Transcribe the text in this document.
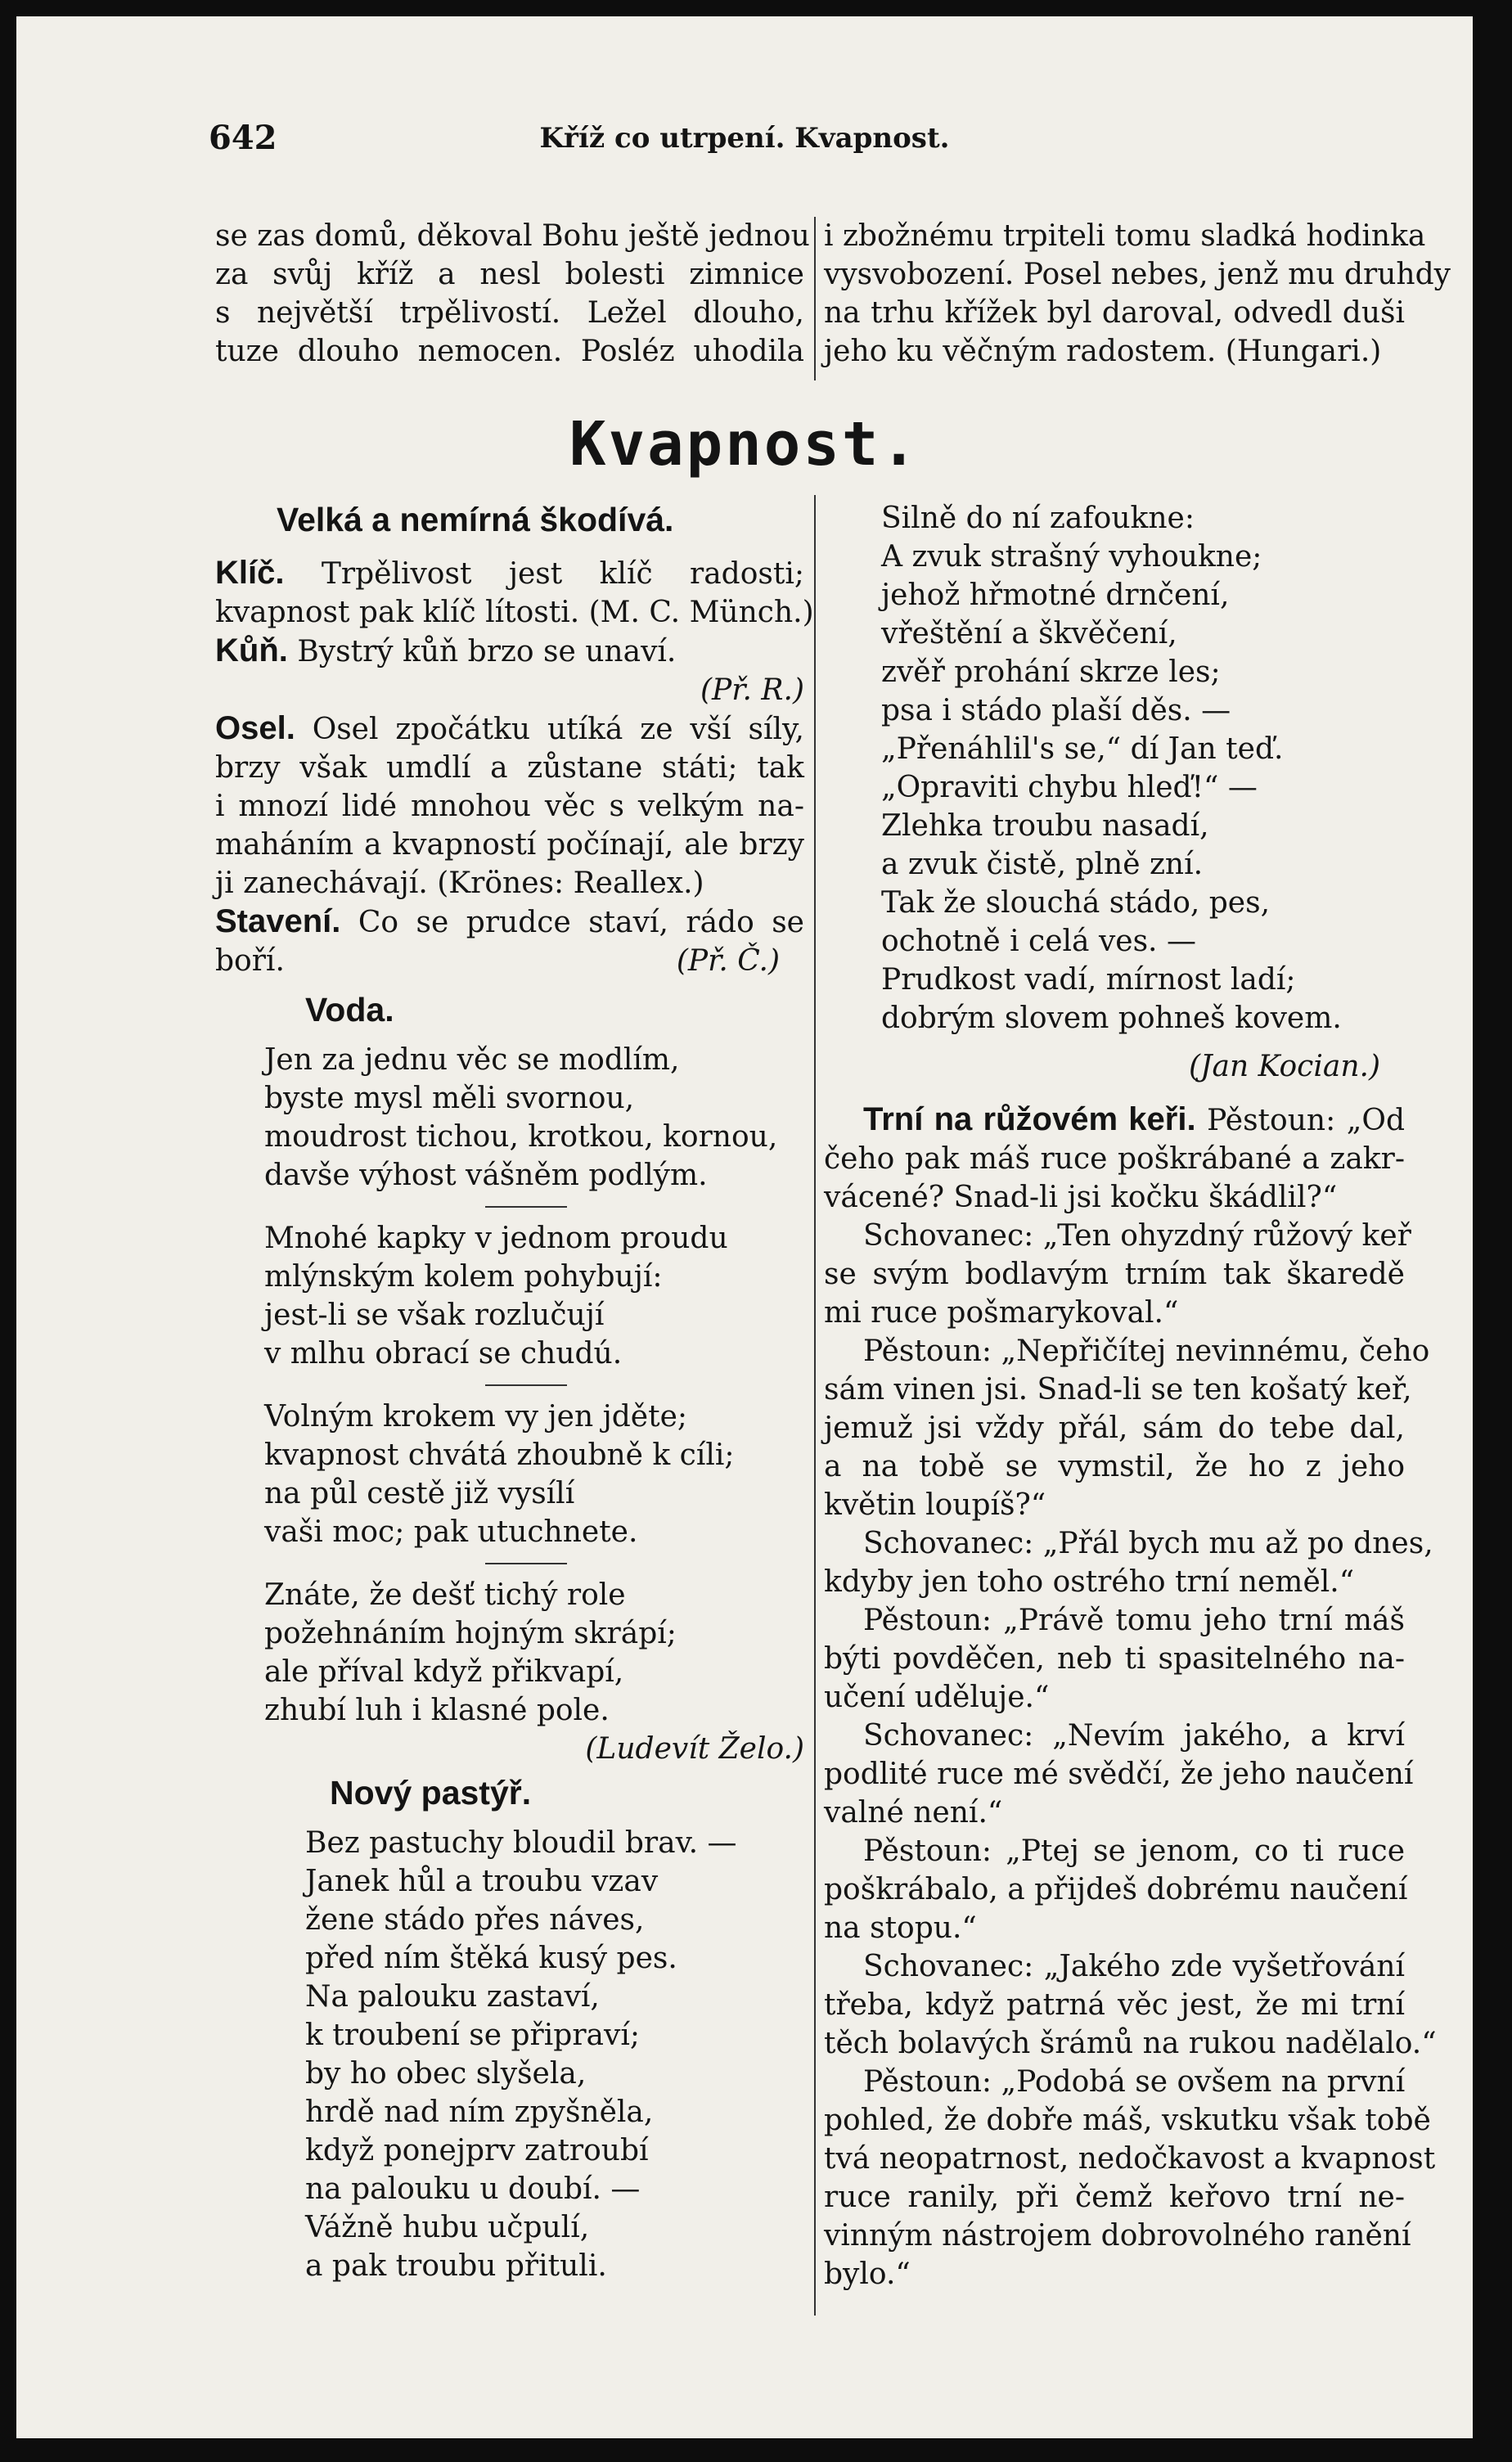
642	Kříž co utrpení. Kvapnost.
se zas domů, děkoval Bohu ještě jednou
za svůj kříž a nesl bolesti zimnice
s největší trpělivostí. Ležel dlouho,
tuze dlouho nemocen. Posléz uhodila
i zbožnému trpiteli tomu sladká hodinka
vysvobození. Posel nebes, jenž mu druhdy
na trhu křížek byl daroval, odvedl duši
jeho ku věčným radostem. (Hungari.)
Kvapnost.
Velká a nemírná škodívá.
Klíč. Trpělivost jest klíč radosti;
kvapnost pak klíč lítosti. (M. C. Münch.)
Kůň. Bystrý kůň brzo se unaví.
(Př. R.)
Osel. Osel zpočátku utíká ze vší síly,
brzy však umdlí a zůstane státi; tak
i mnozí lidé mnohou věc s velkým na-
maháním a kvapností počínají, ale brzy
ji zanechávají. (Krönes: Reallex.)
Stavení. Co se prudce staví, rádo se
boří.	(Př. Č.)
Voda.
Jen za jednu věc se modlím,
byste mysl měli svornou,
moudrost tichou, krotkou, kornou,
davše výhost vášněm podlým.
Mnohé kapky v jednom proudu
mlýnským kolem pohybují:
jest-li se však rozlučují
v mlhu obrací se chudú.
Volným krokem vy jen jděte;
kvapnost chvátá zhoubně k cíli;
na půl cestě již vysílí
vaši moc; pak utuchnete.
Znáte, že dešť tichý role
požehnáním hojným skrápí;
ale příval když přikvapí,
zhubí luh i klasné pole.
(Ludevít Želo.)
Nový pastýř.
Bez pastuchy bloudil brav. —
Janek hůl a troubu vzav
žene stádo přes náves,
před ním štěká kusý pes.
Na palouku zastaví,
k troubení se připraví;
by ho obec slyšela,
hrdě nad ním zpyšněla,
když ponejprv zatroubí
na palouku u doubí. —
Vážně hubu učpulí,
a pak troubu přituli.
Silně do ní zafouknе:
A zvuk strašný vyhoukne;
jehož hřmotné drnčení,
vřeštění a škvěčení,
zvěř prohání skrze les;
psa i stádo plaší děs. —
„Přenáhlil's se,“ dí Jan teď.
„Opraviti chybu hleď!“ —
Zlehka troubu nasadí,
a zvuk čistě, plně zní.
Tak že slouchá stádo, pes,
ochotně i celá ves. —
Prudkost vadí, mírnost ladí;
dobrým slovem pohneš kovem.
(Jan Kocian.)
Trní na růžovém keři. Pěstoun: „Od
čeho pak máš ruce poškrábané a zakr-
vácené? Snad-li jsi kočku škádlil?“
Schovanec: „Ten ohyzdný růžový keř
se svým bodlavým trním tak škaredě
mi ruce pošmarykoval.“
Pěstoun: „Nepřičítej nevinnému, čeho
sám vinen jsi. Snad-li se ten košatý keř,
jemuž jsi vždy přál, sám do tebe dal,
a na tobě se vymstil, že ho z jeho
květin loupíš?“
Schovanec: „Přál bych mu až po dnes,
kdyby jen toho ostrého trní neměl.“
Pěstoun: „Právě tomu jeho trní máš
býti povděčen, neb ti spasitelného na-
učení uděluje.“
Schovanec: „Nevím jakého, a krví
podlité ruce mé svědčí, že jeho naučení
valné není.“
Pěstoun: „Ptej se jenom, co ti ruce
poškrábalo, a přijdeš dobrému naučení
na stopu.“
Schovanec: „Jakého zde vyšetřování
třeba, když patrná věc jest, že mi trní
těch bolavých šrámů na rukou nadělalo.“
Pěstoun: „Podobá se ovšem na první
pohled, že dobře máš, vskutku však tobě
tvá neopatrnost, nedočkavost a kvapnost
ruce ranily, při čemž keřovo trní ne-
vinným nástrojem dobrovolného ranění
bylo.“
